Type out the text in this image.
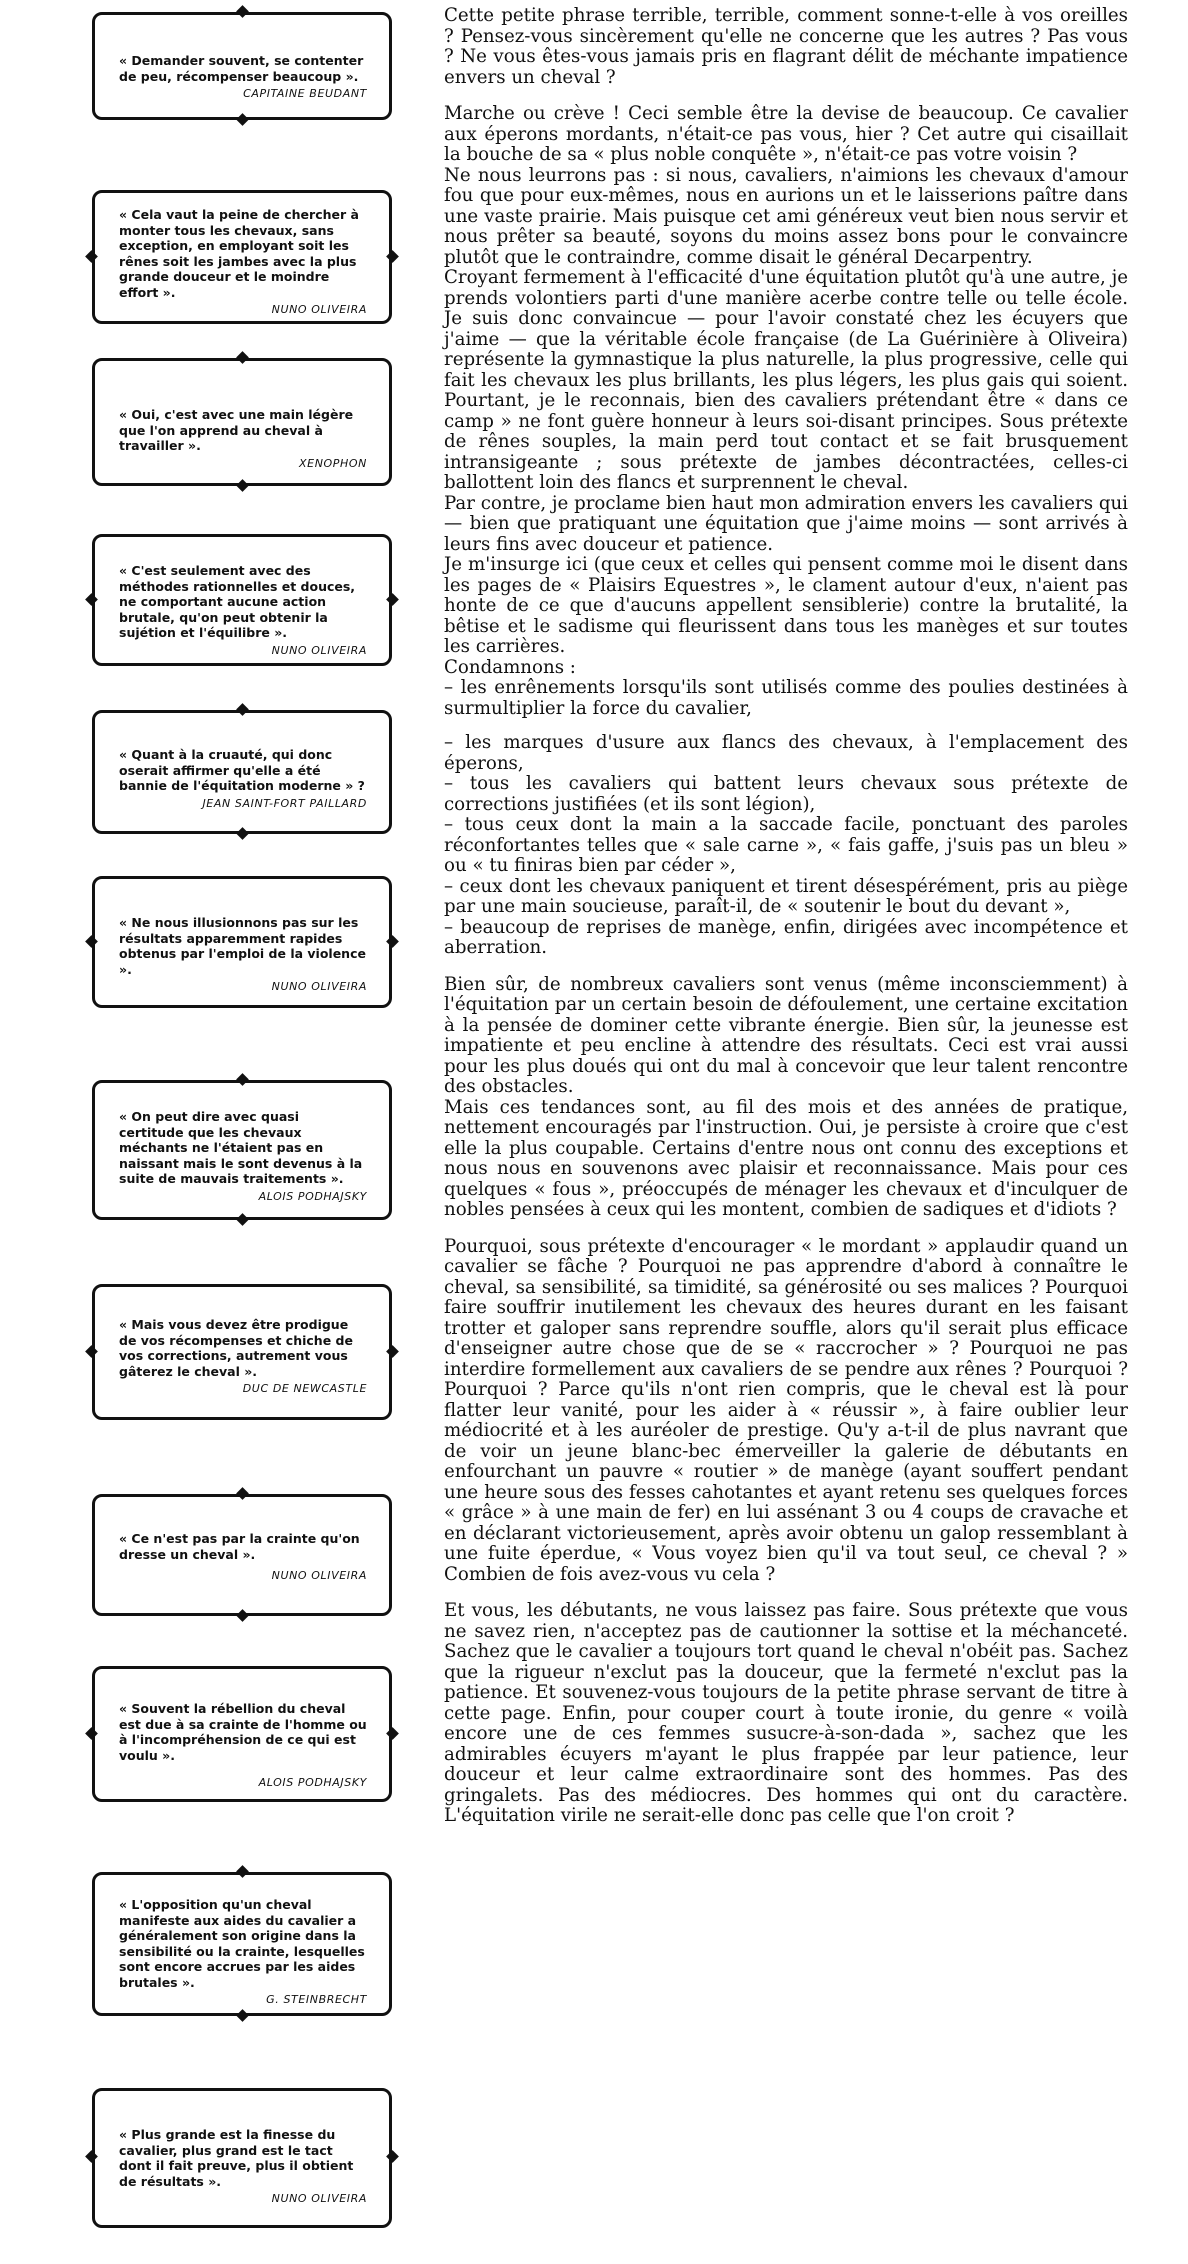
« Demander souvent, se contenter de peu, récompenser beaucoup ».
CAPITAINE BEUDANT
« Cela vaut la peine de chercher à monter tous les chevaux, sans exception, en employant soit les rênes soit les jambes avec la plus grande douceur et le moindre effort ».
NUNO OLIVEIRA
« Oui, c'est avec une main légère que l'on apprend au cheval à travailler ».
XENOPHON
« C'est seulement avec des méthodes rationnelles et douces, ne comportant aucune action brutale, qu'on peut obtenir la sujétion et l'équilibre ».
NUNO OLIVEIRA
« Quant à la cruauté, qui donc oserait affirmer qu'elle a été bannie de l'équitation moderne » ?
JEAN SAINT-FORT PAILLARD
« Ne nous illusionnons pas sur les résultats apparemment rapides obtenus par l'emploi de la violence ».
NUNO OLIVEIRA
« On peut dire avec quasi certitude que les chevaux méchants ne l'étaient pas en naissant mais le sont devenus à la suite de mauvais traitements ».
ALOIS PODHAJSKY
« Mais vous devez être prodigue de vos récompenses et chiche de vos corrections, autrement vous gâterez le cheval ».
DUC DE NEWCASTLE
« Ce n'est pas par la crainte qu'on dresse un cheval ».
NUNO OLIVEIRA
« Souvent la rébellion du cheval est due à sa crainte de l'homme ou à l'incompréhension de ce qui est voulu ».
ALOIS PODHAJSKY
« L'opposition qu'un cheval manifeste aux aides du cavalier a généralement son origine dans la sensibilité ou la crainte, lesquelles sont encore accrues par les aides brutales ».
G. STEINBRECHT
« Plus grande est la finesse du cavalier, plus grand est le tact dont il fait preuve, plus il obtient de résultats ».
NUNO OLIVEIRA

Cette petite phrase terrible, terrible, comment sonne-t-elle à vos oreilles ? Pensez-vous sincèrement qu'elle ne concerne que les autres ? Pas vous ? Ne vous êtes-vous jamais pris en flagrant délit de méchante impatience envers un cheval ?

Marche ou crève ! Ceci semble être la devise de beaucoup. Ce cavalier aux éperons mordants, n'était-ce pas vous, hier ? Cet autre qui cisaillait la bouche de sa « plus noble conquête », n'était-ce pas votre voisin ?

Ne nous leurrons pas : si nous, cavaliers, n'aimions les chevaux d'amour fou que pour eux-mêmes, nous en aurions un et le laisserions paître dans une vaste prairie. Mais puisque cet ami généreux veut bien nous servir et nous prêter sa beauté, soyons du moins assez bons pour le convaincre plutôt que le contraindre, comme disait le général Decarpentry.

Croyant fermement à l'efficacité d'une équitation plutôt qu'à une autre, je prends volontiers parti d'une manière acerbe contre telle ou telle école. Je suis donc convaincue — pour l'avoir constaté chez les écuyers que j'aime — que la véritable école française (de La Guérinière à Oliveira) représente la gymnastique la plus naturelle, la plus progressive, celle qui fait les chevaux les plus brillants, les plus légers, les plus gais qui soient. Pourtant, je le reconnais, bien des cavaliers prétendant être « dans ce camp » ne font guère honneur à leurs soi-disant principes. Sous prétexte de rênes souples, la main perd tout contact et se fait brusquement intransigeante ; sous prétexte de jambes décontractées, celles-ci ballottent loin des flancs et surprennent le cheval.

Par contre, je proclame bien haut mon admiration envers les cavaliers qui — bien que pratiquant une équitation que j'aime moins — sont arrivés à leurs fins avec douceur et patience.

Je m'insurge ici (que ceux et celles qui pensent comme moi le disent dans les pages de « Plaisirs Equestres », le clament autour d'eux, n'aient pas honte de ce que d'aucuns appellent sensiblerie) contre la brutalité, la bêtise et le sadisme qui fleurissent dans tous les manèges et sur toutes les carrières.

Condamnons :

– les enrênements lorsqu'ils sont utilisés comme des poulies destinées à surmultiplier la force du cavalier,

– les marques d'usure aux flancs des chevaux, à l'emplacement des éperons,

– tous les cavaliers qui battent leurs chevaux sous prétexte de corrections justifiées (et ils sont légion),

– tous ceux dont la main a la saccade facile, ponctuant des paroles réconfortantes telles que « sale carne », « fais gaffe, j'suis pas un bleu » ou « tu finiras bien par céder »,

– ceux dont les chevaux paniquent et tirent désespérément, pris au piège par une main soucieuse, paraît-il, de « soutenir le bout du devant »,

– beaucoup de reprises de manège, enfin, dirigées avec incompétence et aberration.

Bien sûr, de nombreux cavaliers sont venus (même inconsciemment) à l'équitation par un certain besoin de défoulement, une certaine excitation à la pensée de dominer cette vibrante énergie. Bien sûr, la jeunesse est impatiente et peu encline à attendre des résultats. Ceci est vrai aussi pour les plus doués qui ont du mal à concevoir que leur talent rencontre des obstacles.

Mais ces tendances sont, au fil des mois et des années de pratique, nettement encouragés par l'instruction. Oui, je persiste à croire que c'est elle la plus coupable. Certains d'entre nous ont connu des exceptions et nous nous en souvenons avec plaisir et reconnaissance. Mais pour ces quelques « fous », préoccupés de ménager les chevaux et d'inculquer de nobles pensées à ceux qui les montent, combien de sadiques et d'idiots ?

Pourquoi, sous prétexte d'encourager « le mordant » applaudir quand un cavalier se fâche ? Pourquoi ne pas apprendre d'abord à connaître le cheval, sa sensibilité, sa timidité, sa générosité ou ses malices ? Pourquoi faire souffrir inutilement les chevaux des heures durant en les faisant trotter et galoper sans reprendre souffle, alors qu'il serait plus efficace d'enseigner autre chose que de se « raccrocher » ? Pourquoi ne pas interdire formellement aux cavaliers de se pendre aux rênes ? Pourquoi ? Pourquoi ? Parce qu'ils n'ont rien compris, que le cheval est là pour flatter leur vanité, pour les aider à « réussir », à faire oublier leur médiocrité et à les auréoler de prestige. Qu'y a-t-il de plus navrant que de voir un jeune blanc-bec émerveiller la galerie de débutants en enfourchant un pauvre « routier » de manège (ayant souffert pendant une heure sous des fesses cahotantes et ayant retenu ses quelques forces « grâce » à une main de fer) en lui assénant 3 ou 4 coups de cravache et en déclarant victorieusement, après avoir obtenu un galop ressemblant à une fuite éperdue, « Vous voyez bien qu'il va tout seul, ce cheval ? » Combien de fois avez-vous vu cela ?

Et vous, les débutants, ne vous laissez pas faire. Sous prétexte que vous ne savez rien, n'acceptez pas de cautionner la sottise et la méchanceté. Sachez que le cavalier a toujours tort quand le cheval n'obéit pas. Sachez que la rigueur n'exclut pas la douceur, que la fermeté n'exclut pas la patience. Et souvenez-vous toujours de la petite phrase servant de titre à cette page. Enfin, pour couper court à toute ironie, du genre « voilà encore une de ces femmes susucre-à-son-dada », sachez que les admirables écuyers m'ayant le plus frappée par leur patience, leur douceur et leur calme extraordinaire sont des hommes. Pas des gringalets. Pas des médiocres. Des hommes qui ont du caractère. L'équitation virile ne serait-elle donc pas celle que l'on croit ?
